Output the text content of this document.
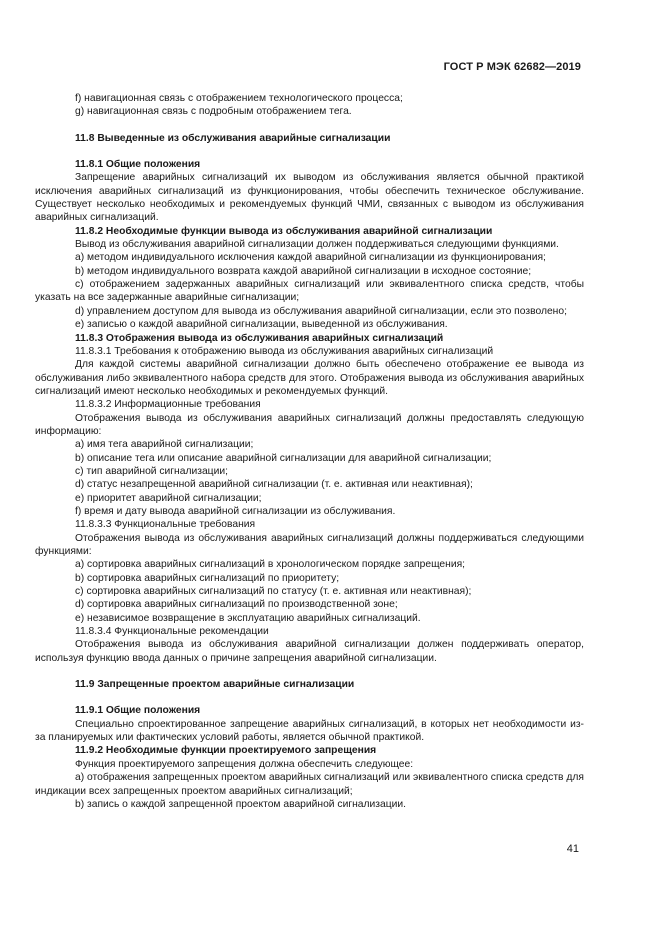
ГОСТ Р МЭК 62682—2019
f) навигационная связь с отображением технологического процесса;
g) навигационная связь с подробным отображением тега.
11.8 Выведенные из обслуживания аварийные сигнализации
11.8.1 Общие положения
Запрещение аварийных сигнализаций их выводом из обслуживания является обычной практикой исключения аварийных сигнализаций из функционирования, чтобы обеспечить техническое обслуживание. Существует несколько необходимых и рекомендуемых функций ЧМИ, связанных с выводом из обслуживания аварийных сигнализаций.
11.8.2 Необходимые функции вывода из обслуживания аварийной сигнализации
Вывод из обслуживания аварийной сигнализации должен поддерживаться следующими функциями.
а) методом индивидуального исключения каждой аварийной сигнализации из функционирования;
b) методом индивидуального возврата каждой аварийной сигнализации в исходное состояние;
с) отображением задержанных аварийных сигнализаций или эквивалентного списка средств, чтобы указать на все задержанные аварийные сигнализации;
d) управлением доступом для вывода из обслуживания аварийной сигнализации, если это позволено;
е) записью о каждой аварийной сигнализации, выведенной из обслуживания.
11.8.3 Отображения вывода из обслуживания аварийных сигнализаций
11.8.3.1 Требования к отображению вывода из обслуживания аварийных сигнализаций
Для каждой системы аварийной сигнализации должно быть обеспечено отображение ее вывода из обслуживания либо эквивалентного набора средств для этого. Отображения вывода из обслуживания аварийных сигнализаций имеют несколько необходимых и рекомендуемых функций.
11.8.3.2 Информационные требования
Отображения вывода из обслуживания аварийных сигнализаций должны предоставлять следующую информацию:
а) имя тега аварийной сигнализации;
b) описание тега или описание аварийной сигнализации для аварийной сигнализации;
с) тип аварийной сигнализации;
d) статус незапрещенной аварийной сигнализации (т. е. активная или неактивная);
е) приоритет аварийной сигнализации;
f) время и дату вывода аварийной сигнализации из обслуживания.
11.8.3.3 Функциональные требования
Отображения вывода из обслуживания аварийных сигнализаций должны поддерживаться следующими функциями:
а) сортировка аварийных сигнализаций в хронологическом порядке запрещения;
b) сортировка аварийных сигнализаций по приоритету;
с) сортировка аварийных сигнализаций по статусу (т. е. активная или неактивная);
d) сортировка аварийных сигнализаций по производственной зоне;
е) независимое возвращение в эксплуатацию аварийных сигнализаций.
11.8.3.4 Функциональные рекомендации
Отображения вывода из обслуживания аварийной сигнализации должен поддерживать оператор, используя функцию ввода данных о причине запрещения аварийной сигнализации.
11.9 Запрещенные проектом аварийные сигнализации
11.9.1 Общие положения
Специально спроектированное запрещение аварийных сигнализаций, в которых нет необходимости из-за планируемых или фактических условий работы, является обычной практикой.
11.9.2 Необходимые функции проектируемого запрещения
Функция проектируемого запрещения должна обеспечить следующее:
а) отображения запрещенных проектом аварийных сигнализаций или эквивалентного списка средств для индикации всех запрещенных проектом аварийных сигнализаций;
b) запись о каждой запрещенной проектом аварийной сигнализации.
41
